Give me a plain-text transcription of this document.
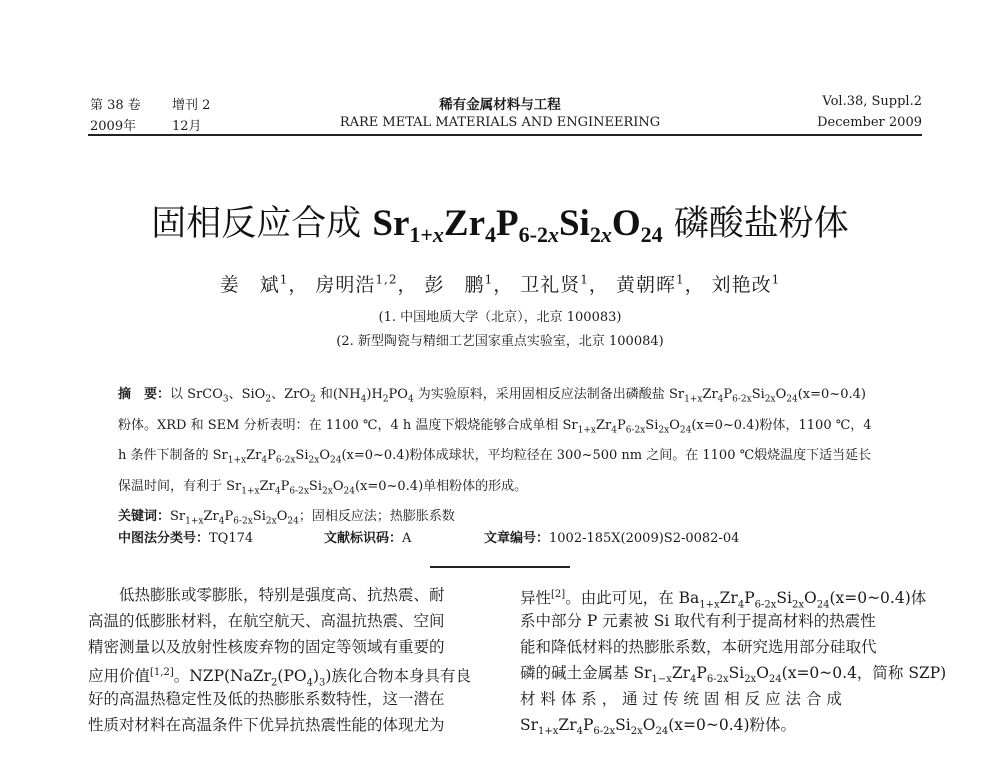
第 38 卷 增刊 2
2009年	12月
稀有金属材料与工程
RARE METAL MATERIALS AND ENGINEERING
Vol.38, Suppl.2
December 2009
固相反应合成 $Sr_{1+x}Zr_4P_{6-2x}Si_{2x}O_{24}$ 磷酸盐粉体
姜　斌$^1$， 房明浩$^{1,2}$， 彭　鹏$^1$， 卫礼贤$^1$， 黄朝晖$^1$， 刘艳改$^1$
(1. 中国地质大学（北京），北京 100083)
(2. 新型陶瓷与精细工艺国家重点实验室，北京 100084)

摘　要：以 SrCO$_3$、SiO$_2$、ZrO$_2$ 和$(NH_4)H_2PO_4$ 为实验原料，采用固相反应法制备出磷酸盐 $Sr_{1+x}Zr_4P_{6-2x}Si_{2x}O_{24}(x=0\sim 0.4)$

粉体。XRD 和 SEM 分析表明：在 1100 ℃，4 h 温度下煅烧能够合成单相 $Sr_{1+x}Zr_4P_{6-2x}Si_{2x}O_{24}(x=0\sim 0.4)$粉体，1100 ℃，4

h 条件下制备的 $Sr_{1+x}Zr_4P_{6-2x}Si_{2x}O_{24}(x=0\sim 0.4)$粉体成球状，平均粒径在 300~500 nm 之间。在 1100 ℃煅烧温度下适当延长

保温时间，有利于 $Sr_{1+x}Zr_4P_{6-2x}Si_{2x}O_{24}(x=0\sim 0.4)$单相粉体的形成。

关键词：$Sr_{1+x}Zr_4P_{6-2x}Si_{2x}O_{24}$；固相反应法；热膨胀系数

中图法分类号：TQ174	文献标识码：A	文章编号：1002-185X(2009)S2-0082-04
　　低热膨胀或零膨胀，特别是强度高、抗热震、耐
高温的低膨胀材料，在航空航天、高温抗热震、空间
精密测量以及放射性核废弃物的固定等领域有重要的
应用价值[1,2]。$NZP(NaZr_2(PO_4)_3)$族化合物本身具有良
好的高温热稳定性及低的热膨胀系数特性，这一潜在
性质对材料在高温条件下优异抗热震性能的体现尤为
异性[2]。由此可见，在 $Ba_{1+x}Zr_4P_{6-2x}Si_{2x}O_{24}(x=0\sim 0.4)$体
系中部分 P 元素被 Si 取代有利于提高材料的热震性
能和降低材料的热膨胀系数，本研究选用部分硅取代
磷的碱土金属基 $Sr_{1-x}Zr_4P_{6-2x}Si_{2x}O_{24}(x=0\sim 0.4$，简称 SZP)
材 料 体 系 ， 通 过 传 统 固 相 反 应 法 合 成
$Sr_{1+x}Zr_4P_{6-2x}Si_{2x}O_{24}(x=0\sim 0.4)$粉体。
